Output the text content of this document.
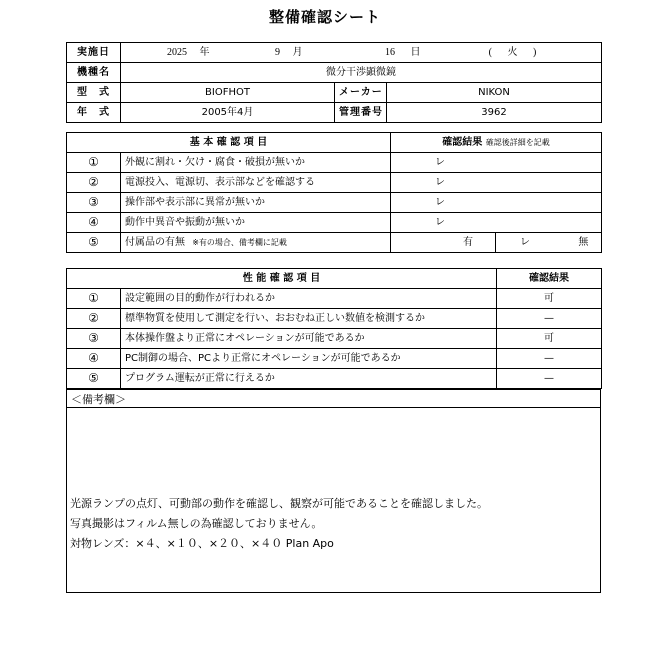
整備確認シート
実施日	2025 年 9 月 16 日 ( 火 )		
機種名	微分干渉顕微鏡		
型　式	BIOFHOT	メーカー	NIKON
年　式	2005年4月	管理番号	3962
基 本 確 認 項 目		確認結果 確認後詳細を記載	
①	外観に割れ・欠け・腐食・破損が無いか	レ	
②	電源投入、電源切、表示部などを確認する	レ	
③	操作部や表示部に異常が無いか	レ	
④	動作中異音や振動が無いか	レ	
⑤	付属品の有無 ※有の場合、備考欄に記載	有	レ 無
性 能 確 認 項 目		確認結果
①	設定範囲の目的動作が行われるか	可
②	標準物質を使用して測定を行い、おおむね正しい数値を検測するか	—
③	本体操作盤より正常にオペレーションが可能であるか	可
④	PC制御の場合、PCより正常にオペレーションが可能であるか	—
⑤	プログラム運転が正常に行えるか	—
＜備考欄＞
光源ランプの点灯、可動部の動作を確認し、観察が可能であることを確認しました。
写真撮影はフィルム無しの為確認しておりません。
対物レンズ：×４、×１０、×２０、×４０ Plan Apo
